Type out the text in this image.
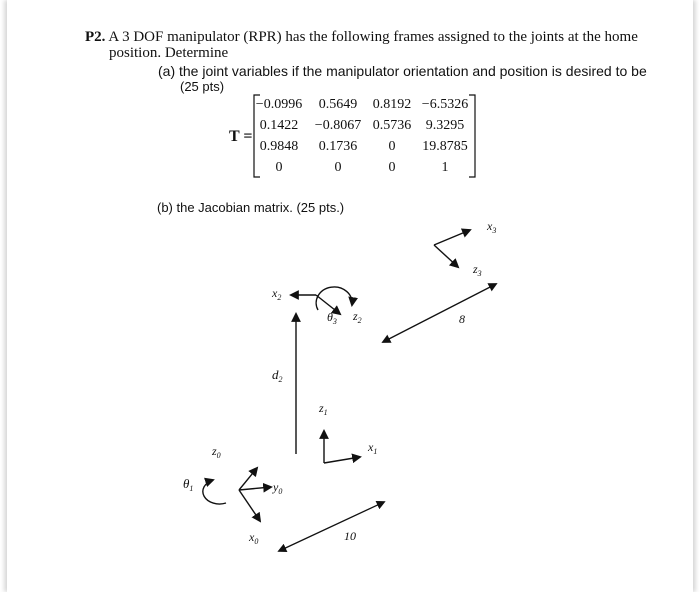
P2. A 3 DOF manipulator (RPR) has the following frames assigned to the joints at the home
position. Determine
(a) the joint variables if the manipulator orientation and position is desired to be
(25 pts)
T =
−0.0996	0.5649	0.8192 −6.5326
0.1422	−0.8067 0.5736	9.3295
0.9848	0.1736	0	19.8785
0	0	0	1
(b) the Jacobian matrix. (25 pts.)
$x_3$
$z_3$
8
$x_2$
$\theta_3$ $z_2$
$d_2$
$z_1$
$x_1$
$z_0$
$\theta_1$	$y_0$
$x_0$	10
